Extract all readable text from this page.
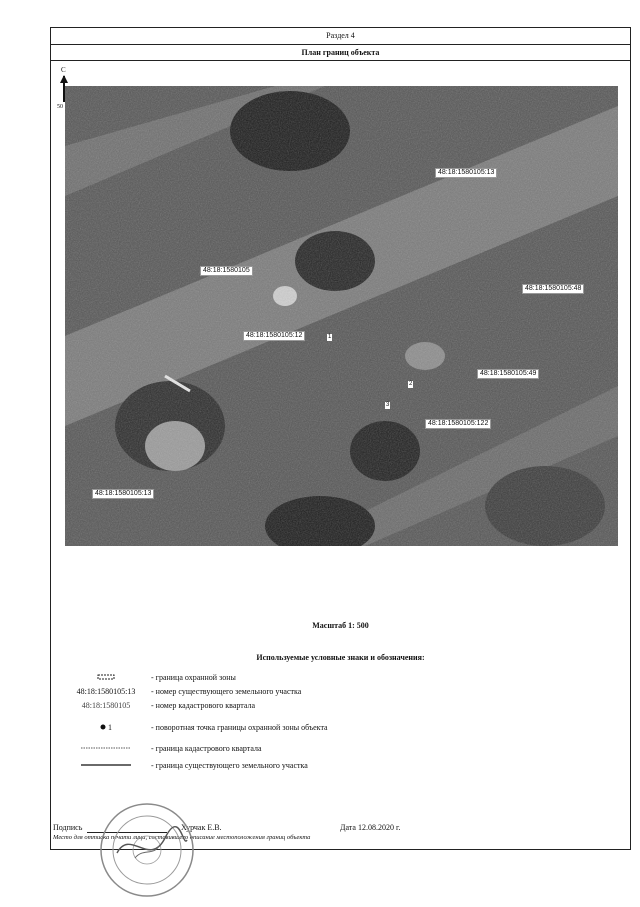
Раздел 4
План границ объекта
С
50
48:18:1580105:13
48:18:1580105
48:18:1580105:12
48:18:1580105:48
48:18:1580105:49
48:18:1580105:122
48:18:1580105:13
1
2
3
Масштаб 1: 500
Используемые условные знаки и обозначения:
- граница охранной зоны
48:18:1580105:13	- номер существующего земельного участка
48:18:1580105	- номер кадастрового квартала
1	- поворотная точка границы охранной зоны объекта
- граница кадастрового квартала
- граница существующего земельного участка
Подпись	Хурчак Е.В.	Дата 12.08.2020 г.
Место для оттиска печати лица, составившего описание местоположения границ объекта
